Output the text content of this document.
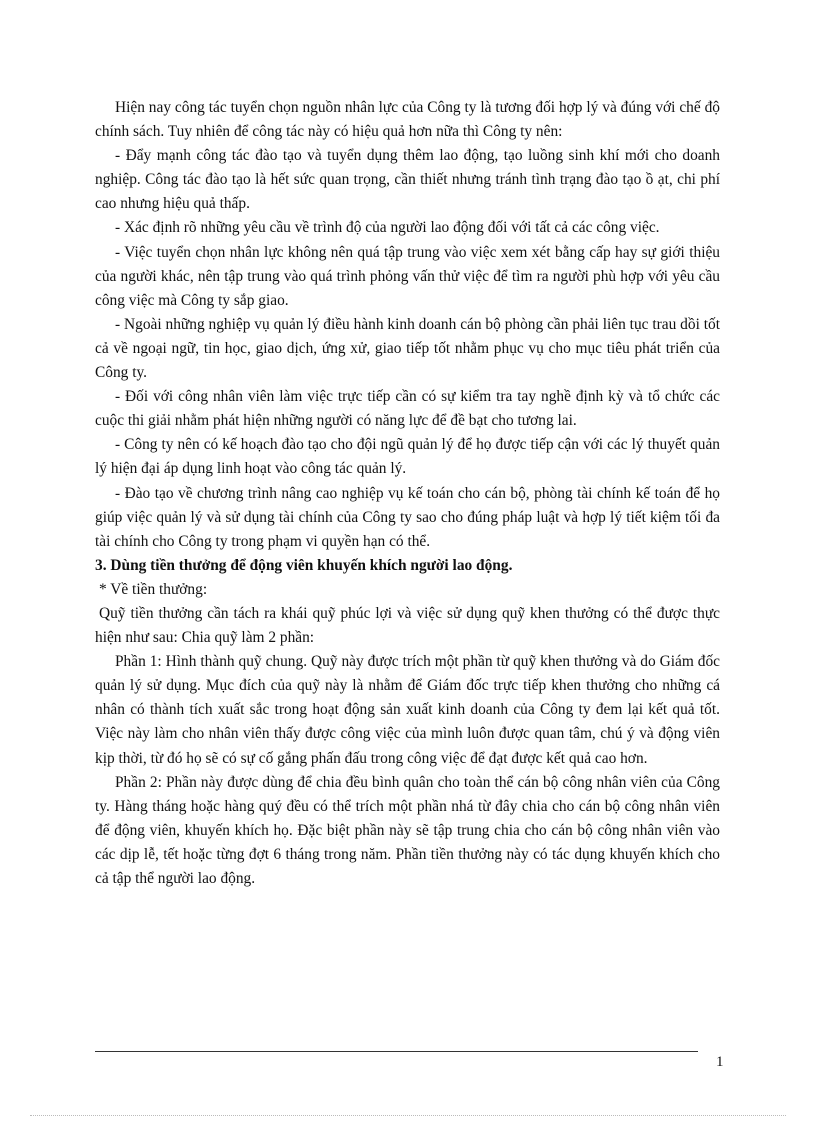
Hiện nay công tác tuyển chọn nguồn nhân lực của Công ty là tương đối hợp lý và đúng với chế độ chính sách. Tuy nhiên để công tác này có hiệu quả hơn nữa thì Công ty nên:

- Đẩy mạnh công tác đào tạo và tuyển dụng thêm lao động, tạo luồng sinh khí mới cho doanh nghiệp. Công tác đào tạo là hết sức quan trọng, cần thiết nhưng tránh tình trạng đào tạo ồ ạt, chi phí cao nhưng hiệu quả thấp.

- Xác định rõ những yêu cầu về trình độ của người lao động đối với tất cả các công việc.

- Việc tuyển chọn nhân lực không nên quá tập trung vào việc xem xét bằng cấp hay sự giới thiệu của người khác, nên tập trung vào quá trình phỏng vấn thử việc để tìm ra người phù hợp với yêu cầu công việc mà Công ty sắp giao.

- Ngoài những nghiệp vụ quản lý điều hành kinh doanh cán bộ phòng cần phải liên tục trau dồi tốt cả về ngoại ngữ, tin học, giao dịch, ứng xử, giao tiếp tốt nhằm phục vụ cho mục tiêu phát triển của Công ty.

- Đối với công nhân viên làm việc trực tiếp cần có sự kiểm tra tay nghề định kỳ và tổ chức các cuộc thi giải nhằm phát hiện những người có năng lực để đề bạt cho tương lai.

- Công ty nên có kế hoạch đào tạo cho đội ngũ quản lý để họ được tiếp cận với các lý thuyết quản lý hiện đại áp dụng linh hoạt vào công tác quản lý.

- Đào tạo về chương trình nâng cao nghiệp vụ kế toán cho cán bộ, phòng tài chính kế toán để họ giúp việc quản lý và sử dụng tài chính của Công ty sao cho đúng pháp luật và hợp lý tiết kiệm tối đa tài chính cho Công ty trong phạm vi quyền hạn có thể.

3. Dùng tiền thưởng để động viên khuyến khích người lao động.

* Về tiền thưởng:

Quỹ tiền thưởng cần tách ra khái quỹ phúc lợi và việc sử dụng quỹ khen thưởng có thể được thực hiện như sau: Chia quỹ làm 2 phần:

Phần 1: Hình thành quỹ chung. Quỹ này được trích một phần từ quỹ khen thưởng và do Giám đốc quản lý sử dụng. Mục đích của quỹ này là nhằm để Giám đốc trực tiếp khen thưởng cho những cá nhân có thành tích xuất sắc trong hoạt động sản xuất kinh doanh của Công ty đem lại kết quả tốt. Việc này làm cho nhân viên thấy được công việc của mình luôn được quan tâm, chú ý và động viên kịp thời, từ đó họ sẽ có sự cố gắng phấn đấu trong công việc để đạt được kết quả cao hơn.

Phần 2: Phần này được dùng để chia đều bình quân cho toàn thể cán bộ công nhân viên của Công ty. Hàng tháng hoặc hàng quý đều có thể trích một phần nhá từ đây chia cho cán bộ công nhân viên để động viên, khuyến khích họ. Đặc biệt phần này sẽ tập trung chia cho cán bộ công nhân viên vào các dịp lễ, tết hoặc từng đợt 6 tháng trong năm. Phần tiền thưởng này có tác dụng khuyến khích cho cả tập thể người lao động.

1
